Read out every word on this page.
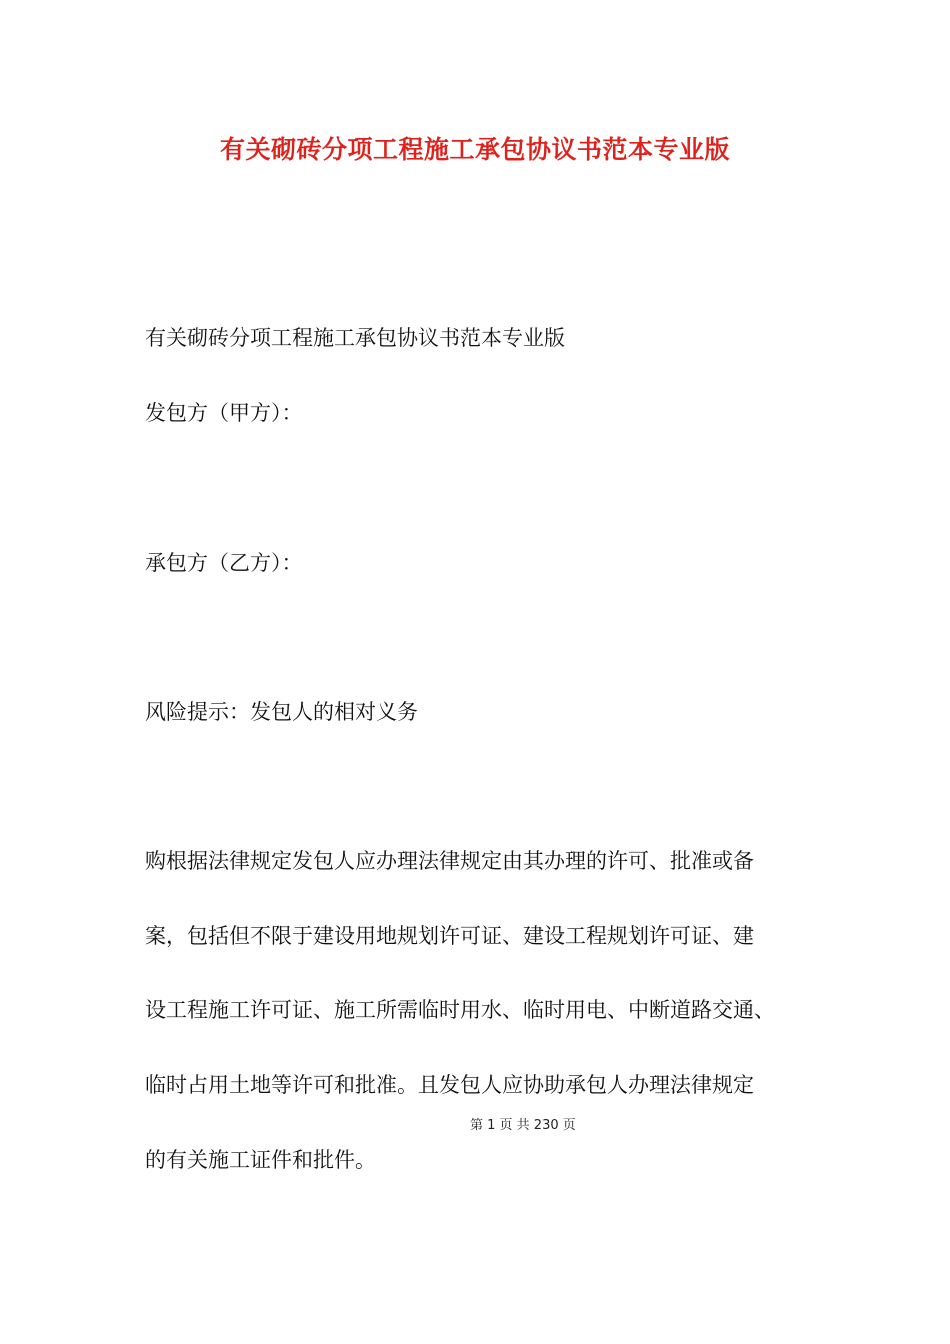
有关砌砖分项工程施工承包协议书范本专业版
有关砌砖分项工程施工承包协议书范本专业版
发包方（甲方）：
承包方（乙方）：
风险提示：发包人的相对义务
购根据法律规定发包人应办理法律规定由其办理的许可、批准或备
案，包括但不限于建设用地规划许可证、建设工程规划许可证、建
设工程施工许可证、施工所需临时用水、临时用电、中断道路交通、
临时占用土地等许可和批准。且发包人应协助承包人办理法律规定
第 1 页 共 230 页
的有关施工证件和批件。
